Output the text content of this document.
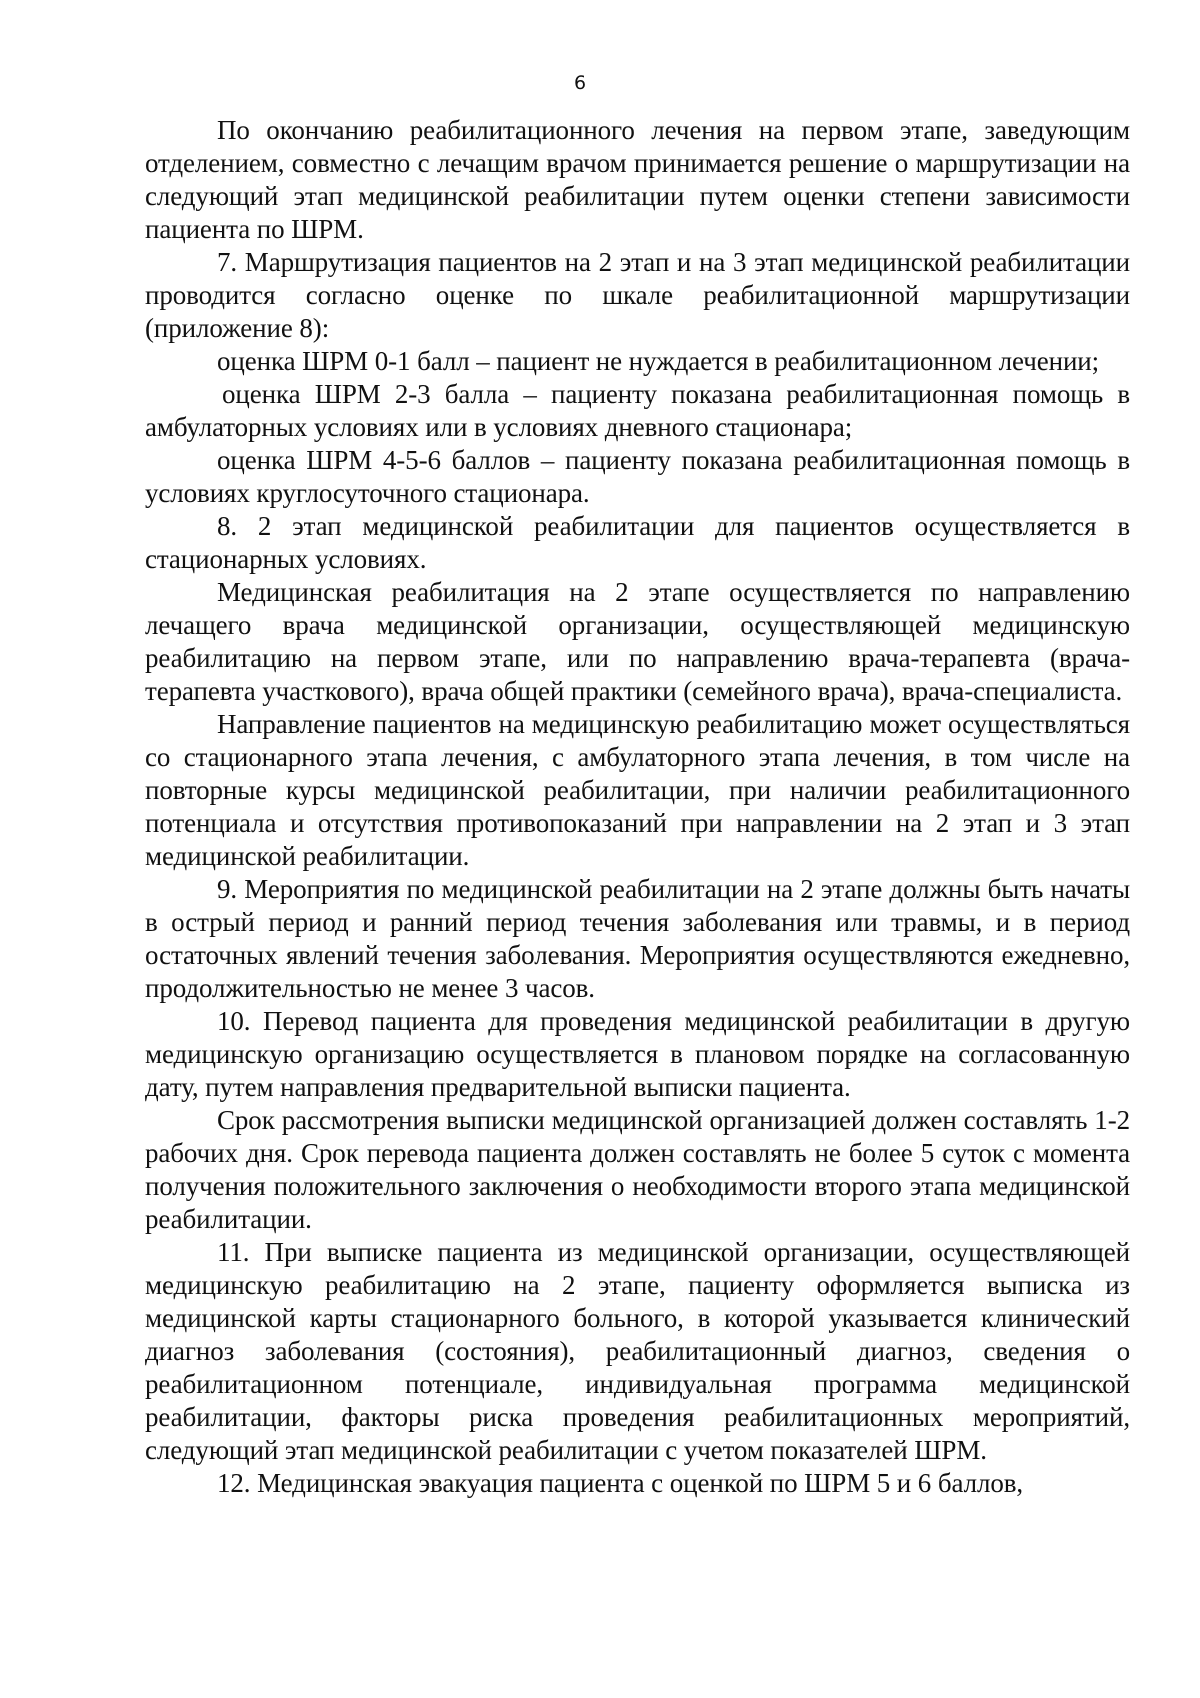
6

По окончанию реабилитационного лечения на первом этапе, заведующим отделением, совместно с лечащим врачом принимается решение о маршрутизации на следующий этап медицинской реабилитации путем оценки степени зависимости пациента по ШРМ.

7. Маршрутизация пациентов на 2 этап и на 3 этап медицинской реабилитации проводится согласно оценке по шкале реабилитационной маршрутизации (приложение 8):

оценка ШРМ 0-1 балл – пациент не нуждается в реабилитационном лечении;

оценка ШРМ 2-3 балла – пациенту показана реабилитационная помощь в амбулаторных условиях или в условиях дневного стационара;

оценка ШРМ 4-5-6 баллов – пациенту показана реабилитационная помощь в условиях круглосуточного стационара.

8. 2 этап медицинской реабилитации для пациентов осуществляется в стационарных условиях.

Медицинская реабилитация на 2 этапе осуществляется по направлению лечащего врача медицинской организации, осуществляющей медицинскую реабилитацию на первом этапе, или по направлению врача-терапевта (врача-терапевта участкового), врача общей практики (семейного врача), врача-специалиста.

Направление пациентов на медицинскую реабилитацию может осуществляться со стационарного этапа лечения, с амбулаторного этапа лечения, в том числе на повторные курсы медицинской реабилитации, при наличии реабилитационного потенциала и отсутствия противопоказаний при направлении на 2 этап и 3 этап медицинской реабилитации.

9. Мероприятия по медицинской реабилитации на 2 этапе должны быть начаты в острый период и ранний период течения заболевания или травмы, и в период остаточных явлений течения заболевания. Мероприятия осуществляются ежедневно, продолжительностью не менее 3 часов.

10. Перевод пациента для проведения медицинской реабилитации в другую медицинскую организацию осуществляется в плановом порядке на согласованную дату, путем направления предварительной выписки пациента.

Срок рассмотрения выписки медицинской организацией должен составлять 1-2 рабочих дня. Срок перевода пациента должен составлять не более 5 суток с момента получения положительного заключения о необходимости второго этапа медицинской реабилитации.

11. При выписке пациента из медицинской организации, осуществляющей медицинскую реабилитацию на 2 этапе, пациенту оформляется выписка из медицинской карты стационарного больного, в которой указывается клинический диагноз заболевания (состояния), реабилитационный диагноз, сведения о реабилитационном потенциале, индивидуальная программа медицинской реабилитации, факторы риска проведения реабилитационных мероприятий, следующий этап медицинской реабилитации с учетом показателей ШРМ.

12. Медицинская эвакуация пациента с оценкой по ШРМ 5 и 6 баллов,
